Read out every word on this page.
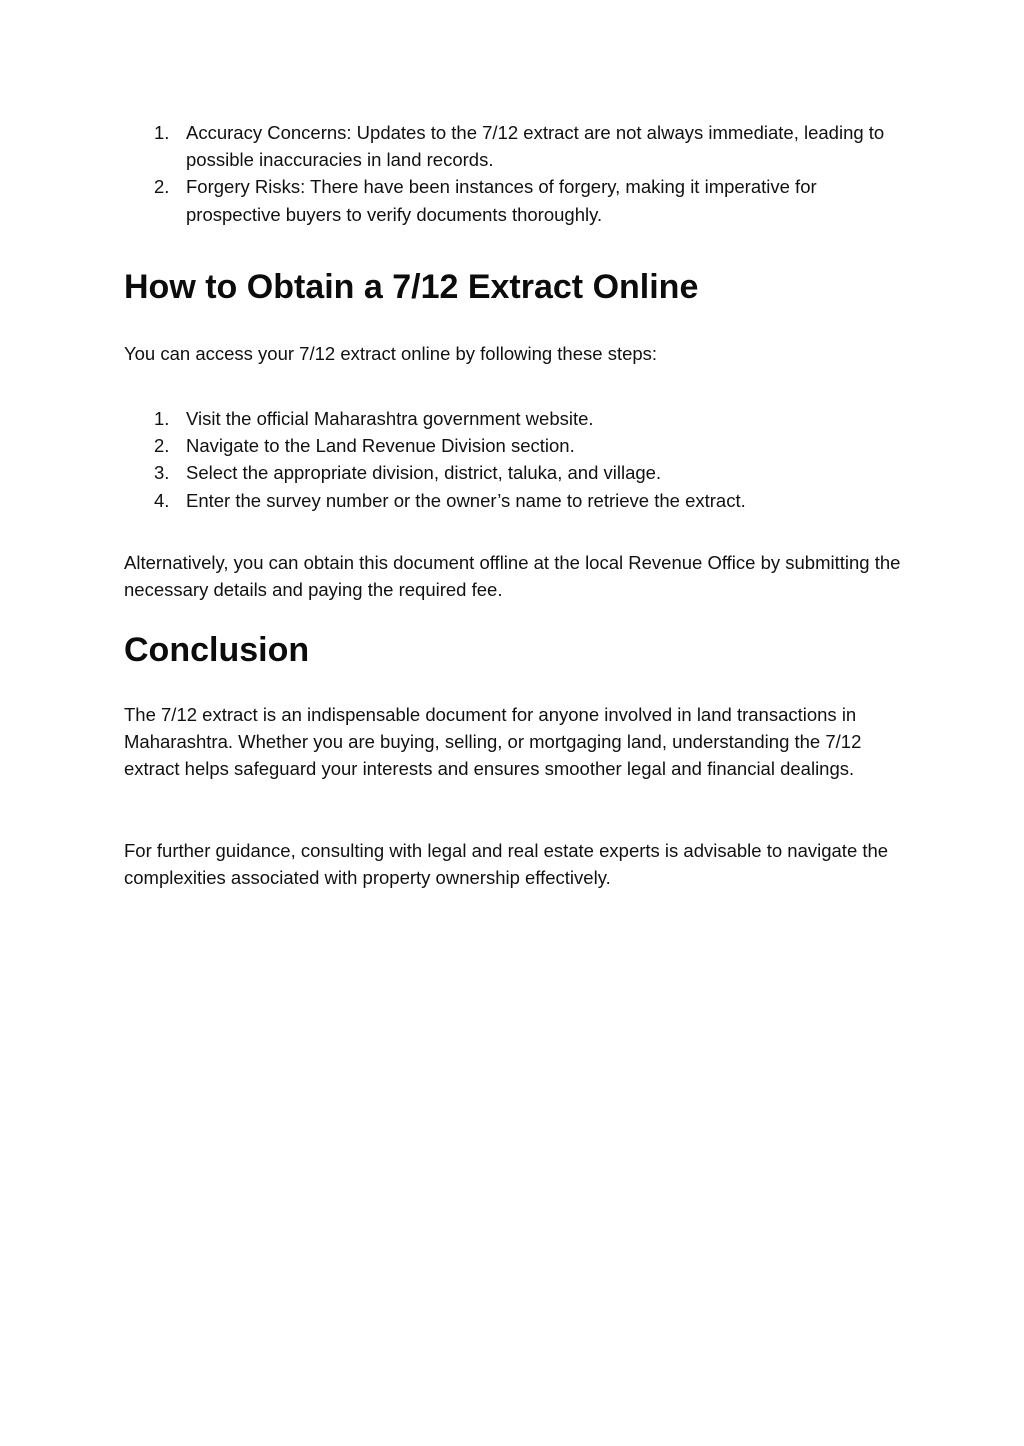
1. Accuracy Concerns: Updates to the 7/12 extract are not always immediate, leading to possible inaccuracies in land records.
2. Forgery Risks: There have been instances of forgery, making it imperative for prospective buyers to verify documents thoroughly.
How to Obtain a 7/12 Extract Online

You can access your 7/12 extract online by following these steps:

1. Visit the official Maharashtra government website.
2. Navigate to the Land Revenue Division section.
3. Select the appropriate division, district, taluka, and village.
4. Enter the survey number or the owner’s name to retrieve the extract.

Alternatively, you can obtain this document offline at the local Revenue Office by submitting the necessary details and paying the required fee.

Conclusion

The 7/12 extract is an indispensable document for anyone involved in land transactions in Maharashtra. Whether you are buying, selling, or mortgaging land, understanding the 7/12 extract helps safeguard your interests and ensures smoother legal and financial dealings.

For further guidance, consulting with legal and real estate experts is advisable to navigate the complexities associated with property ownership effectively.
